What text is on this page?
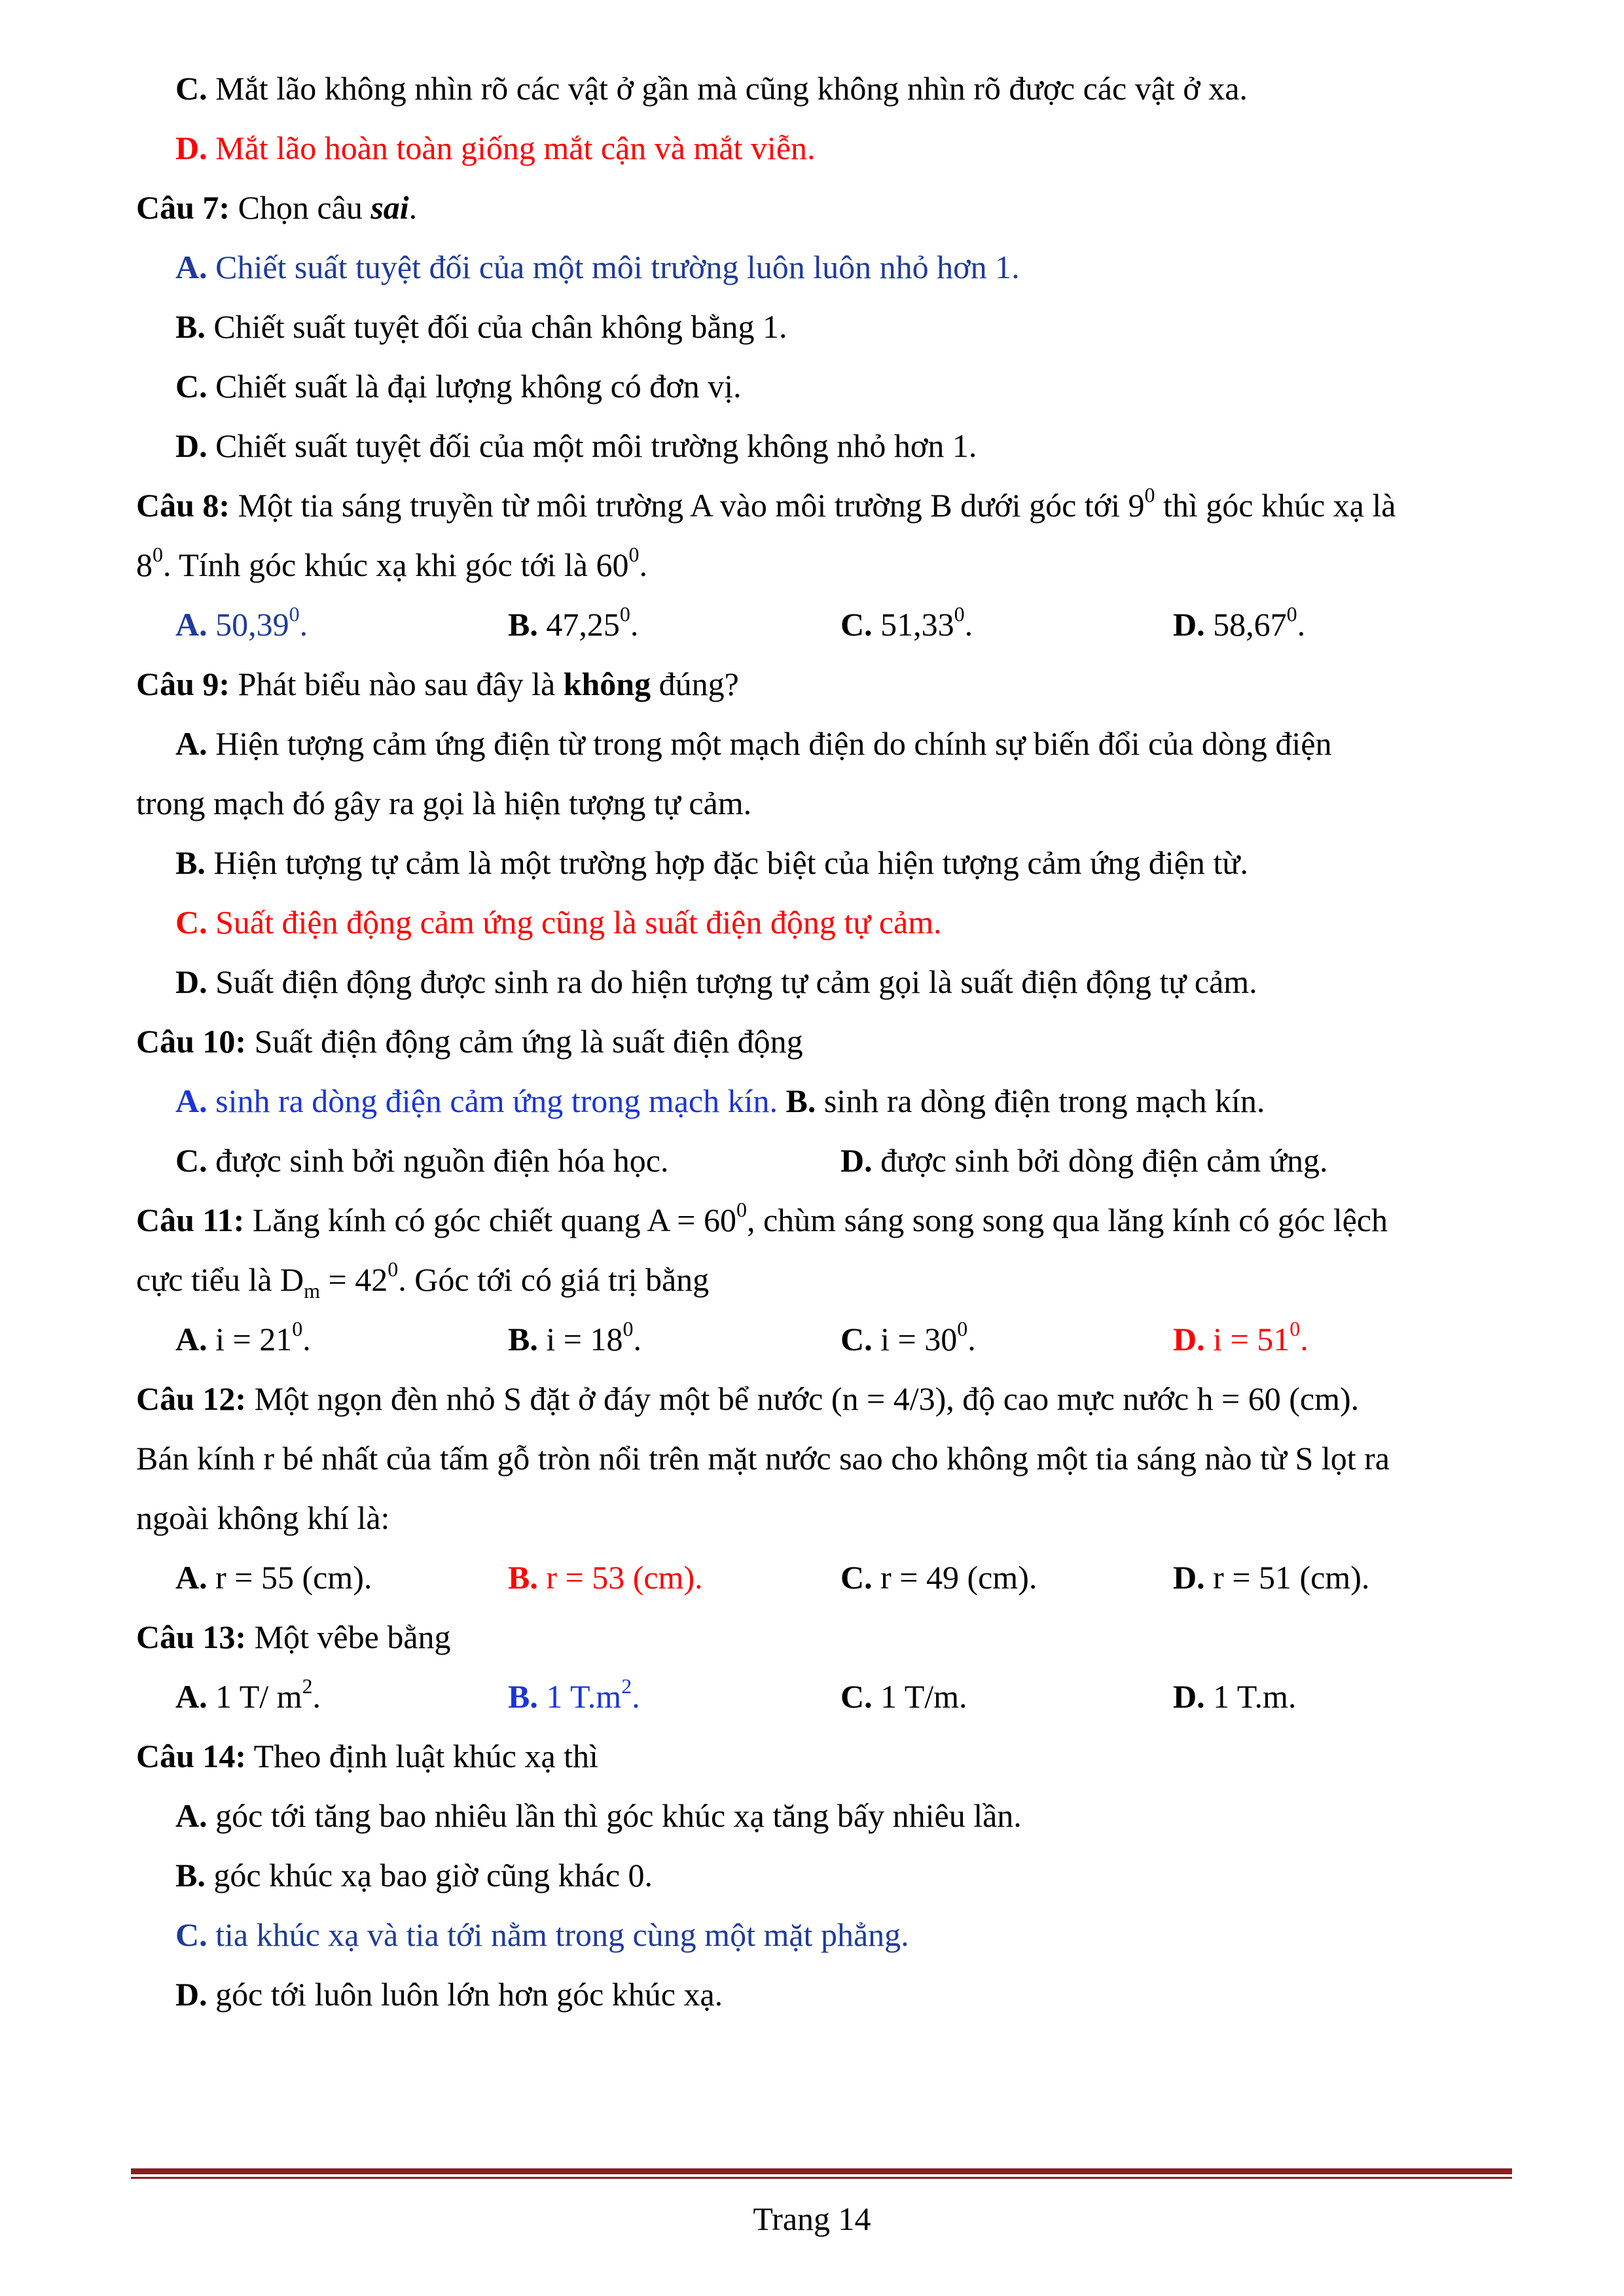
C. Mắt lão không nhìn rõ các vật ở gần mà cũng không nhìn rõ được các vật ở xa.
D. Mắt lão hoàn toàn giống mắt cận và mắt viễn.
Câu 7: Chọn câu sai.
A. Chiết suất tuyệt đối của một môi trường luôn luôn nhỏ hơn 1.
B. Chiết suất tuyệt đối của chân không bằng 1.
C. Chiết suất là đại lượng không có đơn vị.
D. Chiết suất tuyệt đối của một môi trường không nhỏ hơn 1.
Câu 8: Một tia sáng truyền từ môi trường A vào môi trường B dưới góc tới $9^0$ thì góc khúc xạ là
$8^0$. Tính góc khúc xạ khi góc tới là $60^0$.
A. 50,39$^0$.	B. 47,25$^0$.	C. 51,33$^0$.	D. 58,67$^0$.
Câu 9: Phát biểu nào sau đây là không đúng?
A. Hiện tượng cảm ứng điện từ trong một mạch điện do chính sự biến đổi của dòng điện
trong mạch đó gây ra gọi là hiện tượng tự cảm.
B. Hiện tượng tự cảm là một trường hợp đặc biệt của hiện tượng cảm ứng điện từ.
C. Suất điện động cảm ứng cũng là suất điện động tự cảm.
D. Suất điện động được sinh ra do hiện tượng tự cảm gọi là suất điện động tự cảm.
Câu 10: Suất điện động cảm ứng là suất điện động
A. sinh ra dòng điện cảm ứng trong mạch kín. B. sinh ra dòng điện trong mạch kín.
C. được sinh bởi nguồn điện hóa học.	D. được sinh bởi dòng điện cảm ứng.
Câu 11: Lăng kính có góc chiết quang $A = 60^0$, chùm sáng song song qua lăng kính có góc lệch
cực tiểu là $D_m = 42^0$. Góc tới có giá trị bằng
A. $i = 21^0$.	B. $i = 18^0$.	C. $i = 30^0$.	D. $i = 51^0$.
Câu 12: Một ngọn đèn nhỏ S đặt ở đáy một bể nước (n = 4/3), độ cao mực nước h = 60 (cm).
Bán kính r bé nhất của tấm gỗ tròn nổi trên mặt nước sao cho không một tia sáng nào từ S lọt ra
ngoài không khí là:
A. r = 55 (cm).	B. r = 53 (cm).	C. r = 49 (cm).	D. r = 51 (cm).
Câu 13: Một vêbe bằng
A. 1 T/ $m^2$.	B. 1 $T.m^2$.	C. 1 T/m.	D. 1 T.m.
Câu 14: Theo định luật khúc xạ thì
A. góc tới tăng bao nhiêu lần thì góc khúc xạ tăng bấy nhiêu lần.
B. góc khúc xạ bao giờ cũng khác 0.
C. tia khúc xạ và tia tới nằm trong cùng một mặt phẳng.
D. góc tới luôn luôn lớn hơn góc khúc xạ.
Trang 14
